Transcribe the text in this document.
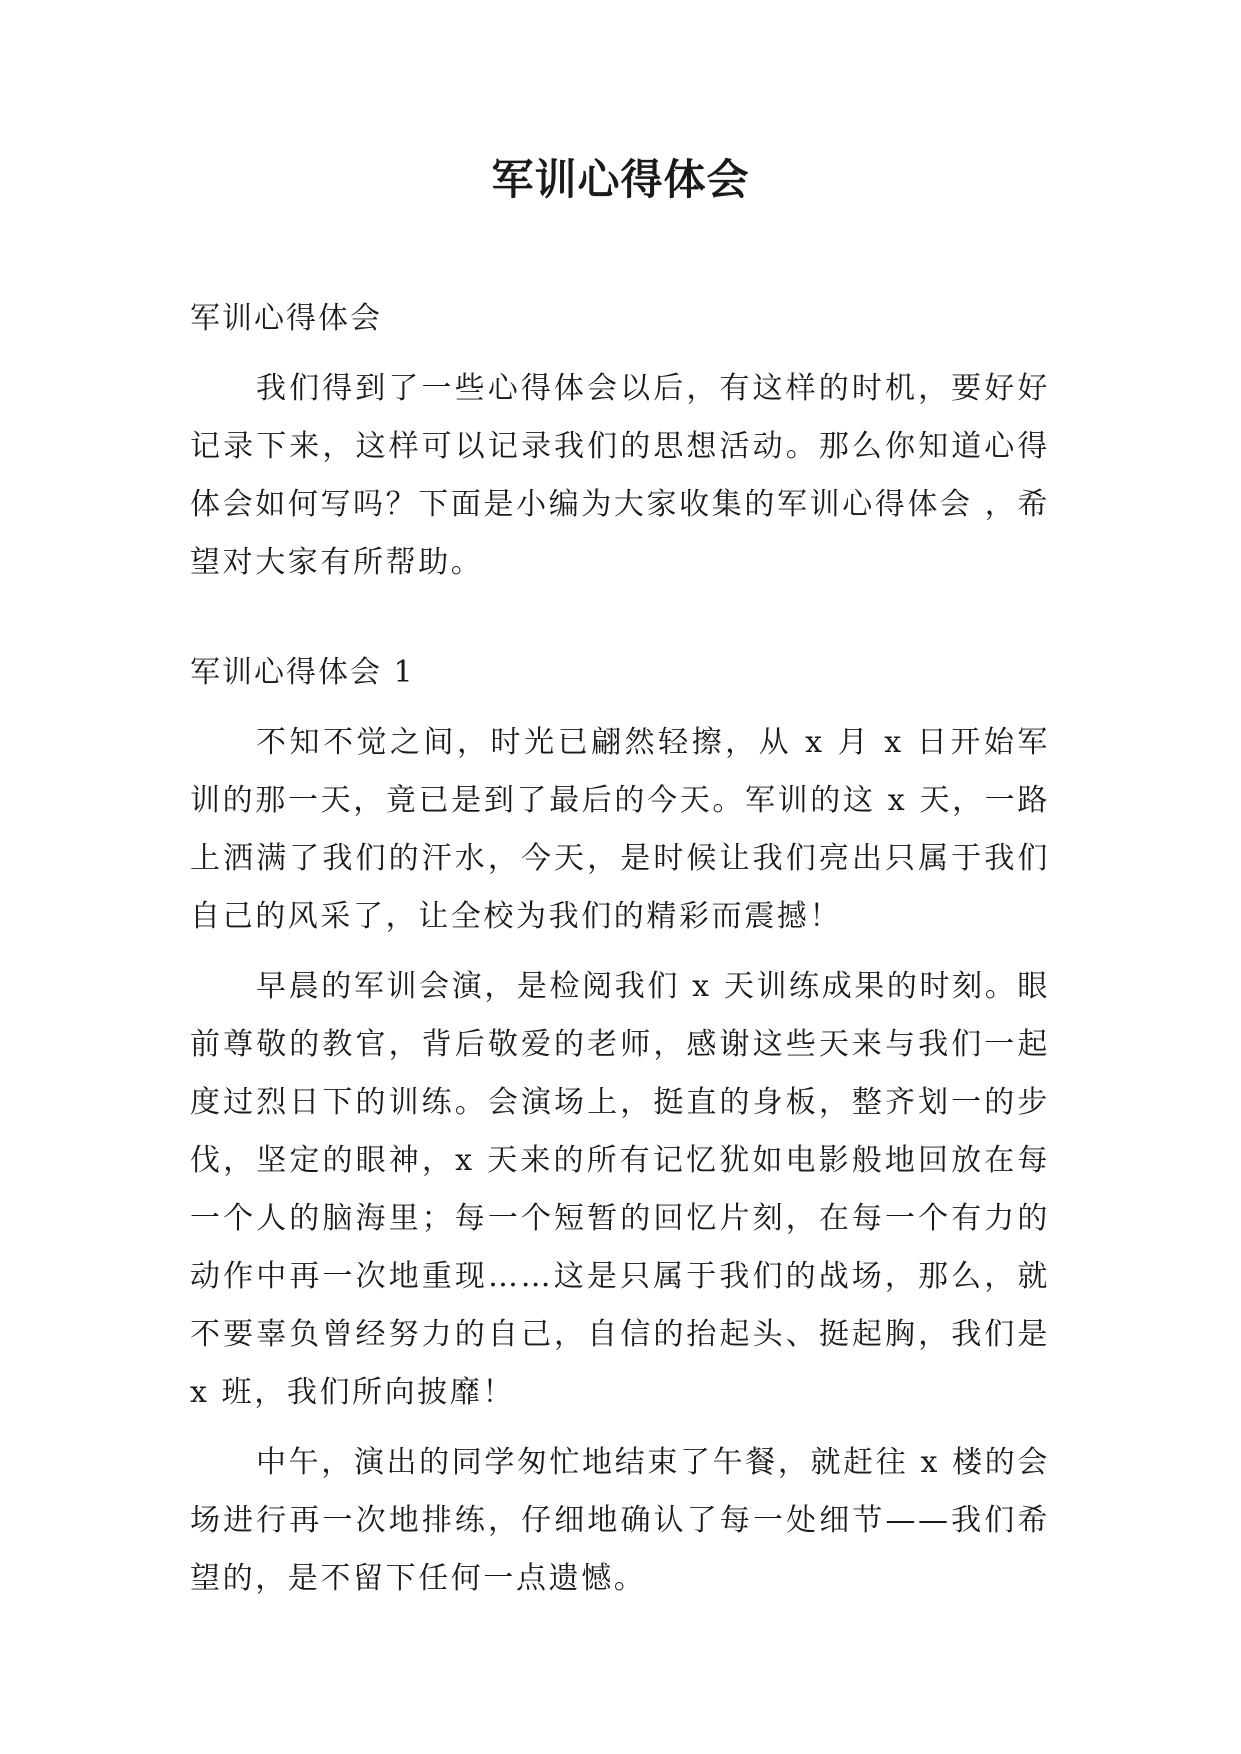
军训心得体会

军训心得体会

我们得到了一些心得体会以后，有这样的时机，要好好记录下来，这样可以记录我们的思想活动。那么你知道心得体会如何写吗？下面是小编为大家收集的军训心得体会 ，希望对大家有所帮助。

军训心得体会 1

不知不觉之间，时光已翩然轻擦，从 x 月 x 日开始军训的那一天，竟已是到了最后的今天。军训的这 x 天，一路上洒满了我们的汗水，今天，是时候让我们亮出只属于我们自己的风采了，让全校为我们的精彩而震撼！

早晨的军训会演，是检阅我们 x 天训练成果的时刻。眼前尊敬的教官，背后敬爱的老师，感谢这些天来与我们一起度过烈日下的训练。会演场上，挺直的身板，整齐划一的步伐，坚定的眼神，x 天来的所有记忆犹如电影般地回放在每一个人的脑海里；每一个短暂的回忆片刻，在每一个有力的动作中再一次地重现……这是只属于我们的战场，那么，就不要辜负曾经努力的自己，自信的抬起头、挺起胸，我们是 x 班，我们所向披靡！

中午，演出的同学匆忙地结束了午餐，就赶往 x 楼的会场进行再一次地排练，仔细地确认了每一处细节——我们希望的，是不留下任何一点遗憾。
